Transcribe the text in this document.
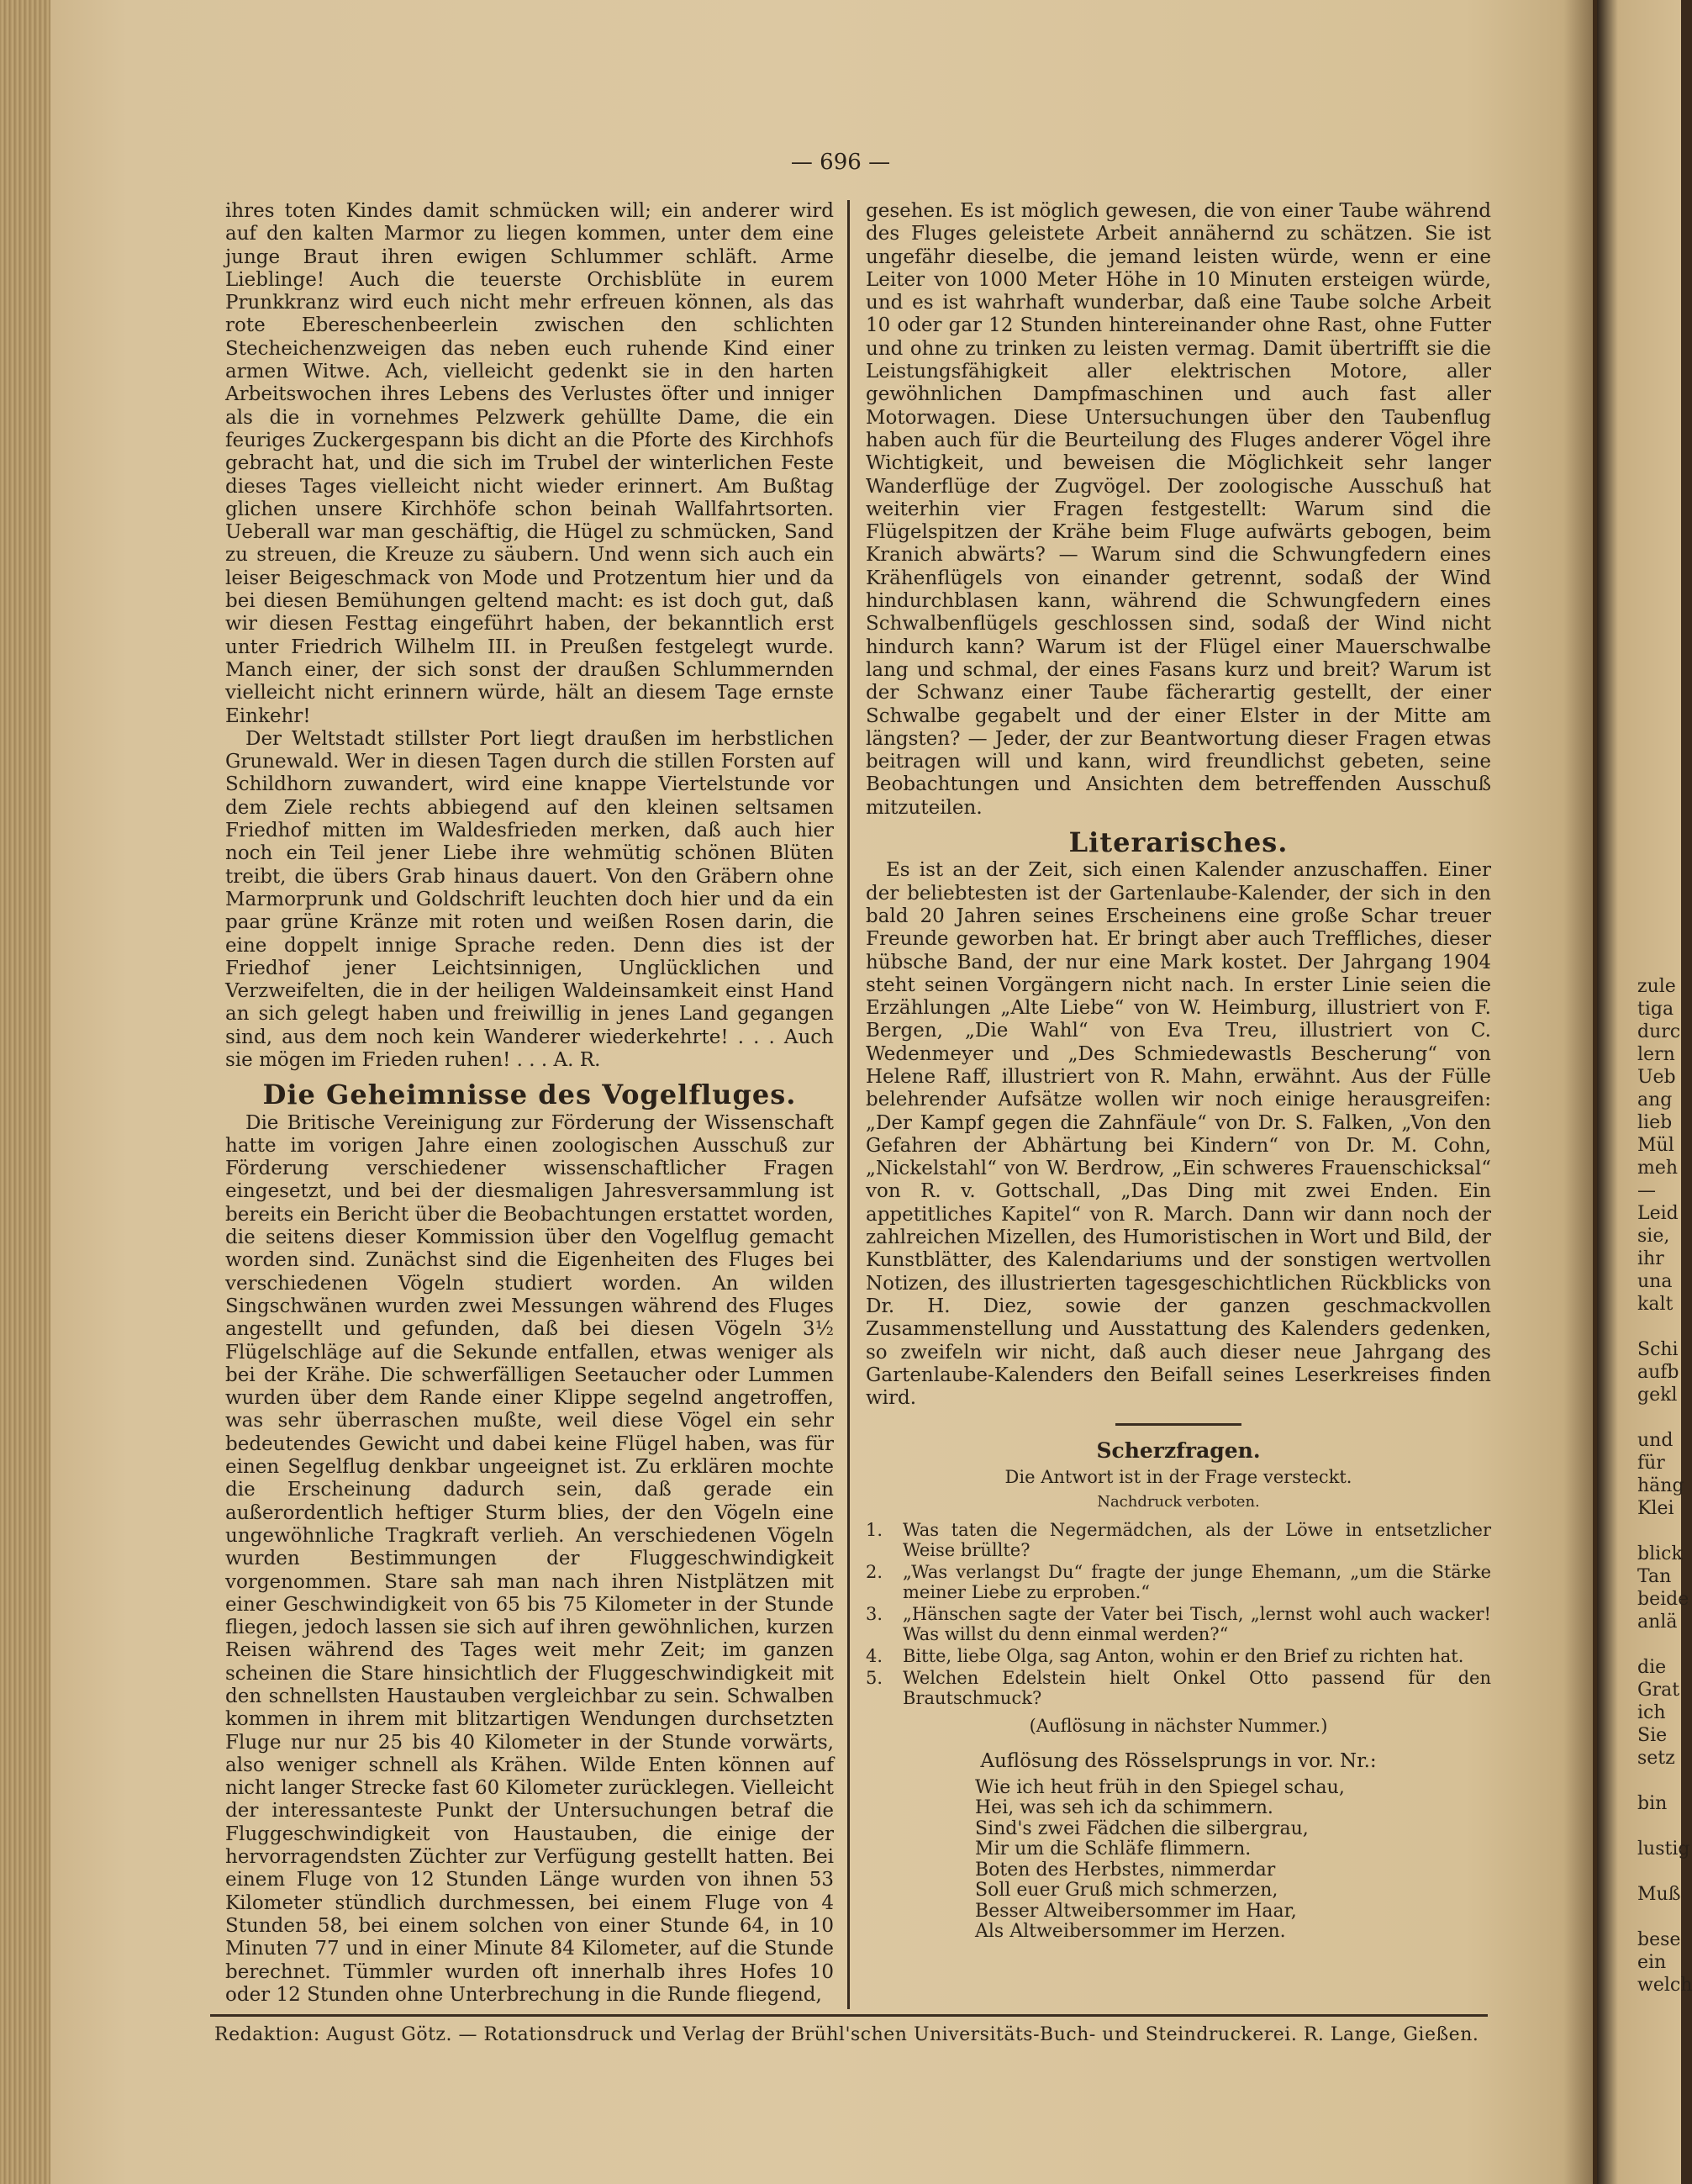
— 696 —

ihres toten Kindes damit schmücken will; ein anderer wird auf den kalten Marmor zu liegen kommen, unter dem eine junge Braut ihren ewigen Schlummer schläft. Arme Lieblinge! Auch die teuerste Orchisblüte in eurem Prunkkranz wird euch nicht mehr erfreuen können, als das rote Ebereschenbeerlein zwischen den schlichten Stecheichenzweigen das neben euch ruhende Kind einer armen Witwe. Ach, vielleicht gedenkt sie in den harten Arbeitswochen ihres Lebens des Verlustes öfter und inniger als die in vornehmes Pelzwerk gehüllte Dame, die ein feuriges Zuckergespann bis dicht an die Pforte des Kirchhofs gebracht hat, und die sich im Trubel der winterlichen Feste dieses Tages vielleicht nicht wieder erinnert. Am Bußtag glichen unsere Kirchhöfe schon beinah Wallfahrtsorten. Ueberall war man geschäftig, die Hügel zu schmücken, Sand zu streuen, die Kreuze zu säubern. Und wenn sich auch ein leiser Beigeschmack von Mode und Protzentum hier und da bei diesen Bemühungen geltend macht: es ist doch gut, daß wir diesen Festtag eingeführt haben, der bekanntlich erst unter Friedrich Wilhelm III. in Preußen festgelegt wurde. Manch einer, der sich sonst der draußen Schlummernden vielleicht nicht erinnern würde, hält an diesem Tage ernste Einkehr!

Der Weltstadt stillster Port liegt draußen im herbstlichen Grunewald. Wer in diesen Tagen durch die stillen Forsten auf Schildhorn zuwandert, wird eine knappe Viertelstunde vor dem Ziele rechts abbiegend auf den kleinen seltsamen Friedhof mitten im Waldesfrieden merken, daß auch hier noch ein Teil jener Liebe ihre wehmütig schönen Blüten treibt, die übers Grab hinaus dauert. Von den Gräbern ohne Marmorprunk und Goldschrift leuchten doch hier und da ein paar grüne Kränze mit roten und weißen Rosen darin, die eine doppelt innige Sprache reden. Denn dies ist der Friedhof jener Leichtsinnigen, Unglücklichen und Verzweifelten, die in der heiligen Waldeinsamkeit einst Hand an sich gelegt haben und freiwillig in jenes Land gegangen sind, aus dem noch kein Wanderer wiederkehrte! . . . Auch sie mögen im Frieden ruhen! . . . A. R.

Die Geheimnisse des Vogelfluges.

Die Britische Vereinigung zur Förderung der Wissenschaft hatte im vorigen Jahre einen zoologischen Ausschuß zur Förderung verschiedener wissenschaftlicher Fragen eingesetzt, und bei der diesmaligen Jahresversammlung ist bereits ein Bericht über die Beobachtungen erstattet worden, die seitens dieser Kommission über den Vogelflug gemacht worden sind. Zunächst sind die Eigenheiten des Fluges bei verschiedenen Vögeln studiert worden. An wilden Singschwänen wurden zwei Messungen während des Fluges angestellt und gefunden, daß bei diesen Vögeln 3½ Flügelschläge auf die Sekunde entfallen, etwas weniger als bei der Krähe. Die schwerfälligen Seetaucher oder Lummen wurden über dem Rande einer Klippe segelnd angetroffen, was sehr überraschen mußte, weil diese Vögel ein sehr bedeutendes Gewicht und dabei keine Flügel haben, was für einen Segelflug denkbar ungeeignet ist. Zu erklären mochte die Erscheinung dadurch sein, daß gerade ein außerordentlich heftiger Sturm blies, der den Vögeln eine ungewöhnliche Tragkraft verlieh. An verschiedenen Vögeln wurden Bestimmungen der Fluggeschwindigkeit vorgenommen. Stare sah man nach ihren Nistplätzen mit einer Geschwindigkeit von 65 bis 75 Kilometer in der Stunde fliegen, jedoch lassen sie sich auf ihren gewöhnlichen, kurzen Reisen während des Tages weit mehr Zeit; im ganzen scheinen die Stare hinsichtlich der Fluggeschwindigkeit mit den schnellsten Haustauben vergleichbar zu sein. Schwalben kommen in ihrem mit blitzartigen Wendungen durchsetzten Fluge nur nur 25 bis 40 Kilometer in der Stunde vorwärts, also weniger schnell als Krähen. Wilde Enten können auf nicht langer Strecke fast 60 Kilometer zurücklegen. Vielleicht der interessanteste Punkt der Untersuchungen betraf die Fluggeschwindigkeit von Haustauben, die einige der hervorragendsten Züchter zur Verfügung gestellt hatten. Bei einem Fluge von 12 Stunden Länge wurden von ihnen 53 Kilometer stündlich durchmessen, bei einem Fluge von 4 Stunden 58, bei einem solchen von einer Stunde 64, in 10 Minuten 77 und in einer Minute 84 Kilometer, auf die Stunde berechnet. Tümmler wurden oft innerhalb ihres Hofes 10 oder 12 Stunden ohne Unterbrechung in die Runde fliegend,

gesehen. Es ist möglich gewesen, die von einer Taube während des Fluges geleistete Arbeit annähernd zu schätzen. Sie ist ungefähr dieselbe, die jemand leisten würde, wenn er eine Leiter von 1000 Meter Höhe in 10 Minuten ersteigen würde, und es ist wahrhaft wunderbar, daß eine Taube solche Arbeit 10 oder gar 12 Stunden hintereinander ohne Rast, ohne Futter und ohne zu trinken zu leisten vermag. Damit übertrifft sie die Leistungsfähigkeit aller elektrischen Motore, aller gewöhnlichen Dampfmaschinen und auch fast aller Motorwagen. Diese Untersuchungen über den Taubenflug haben auch für die Beurteilung des Fluges anderer Vögel ihre Wichtigkeit, und beweisen die Möglichkeit sehr langer Wanderflüge der Zugvögel. Der zoologische Ausschuß hat weiterhin vier Fragen festgestellt: Warum sind die Flügelspitzen der Krähe beim Fluge aufwärts gebogen, beim Kranich abwärts? — Warum sind die Schwungfedern eines Krähenflügels von einander getrennt, sodaß der Wind hindurchblasen kann, während die Schwungfedern eines Schwalbenflügels geschlossen sind, sodaß der Wind nicht hindurch kann? Warum ist der Flügel einer Mauerschwalbe lang und schmal, der eines Fasans kurz und breit? Warum ist der Schwanz einer Taube fächerartig gestellt, der einer Schwalbe gegabelt und der einer Elster in der Mitte am längsten? — Jeder, der zur Beantwortung dieser Fragen etwas beitragen will und kann, wird freundlichst gebeten, seine Beobachtungen und Ansichten dem betreffenden Ausschuß mitzuteilen.

Literarisches.

Es ist an der Zeit, sich einen Kalender anzuschaffen. Einer der beliebtesten ist der Gartenlaube-Kalender, der sich in den bald 20 Jahren seines Erscheinens eine große Schar treuer Freunde geworben hat. Er bringt aber auch Treffliches, dieser hübsche Band, der nur eine Mark kostet. Der Jahrgang 1904 steht seinen Vorgängern nicht nach. In erster Linie seien die Erzählungen „Alte Liebe“ von W. Heimburg, illustriert von F. Bergen, „Die Wahl“ von Eva Treu, illustriert von C. Wedenmeyer und „Des Schmiedewastls Bescherung“ von Helene Raff, illustriert von R. Mahn, erwähnt. Aus der Fülle belehrender Aufsätze wollen wir noch einige herausgreifen: „Der Kampf gegen die Zahnfäule“ von Dr. S. Falken, „Von den Gefahren der Abhärtung bei Kindern“ von Dr. M. Cohn, „Nickelstahl“ von W. Berdrow, „Ein schweres Frauenschicksal“ von R. v. Gottschall, „Das Ding mit zwei Enden. Ein appetitliches Kapitel“ von R. March. Dann wir dann noch der zahlreichen Mizellen, des Humoristischen in Wort und Bild, der Kunstblätter, des Kalendariums und der sonstigen wertvollen Notizen, des illustrierten tagesgeschichtlichen Rückblicks von Dr. H. Diez, sowie der ganzen geschmackvollen Zusammenstellung und Ausstattung des Kalenders gedenken, so zweifeln wir nicht, daß auch dieser neue Jahrgang des Gartenlaube-Kalenders den Beifall seines Leserkreises finden wird.

Scherzfragen.
Die Antwort ist in der Frage versteckt.
Nachdruck verboten.
1. Was taten die Negermädchen, als der Löwe in entsetzlicher Weise brüllte?
2. „Was verlangst Du“ fragte der junge Ehemann, „um die Stärke meiner Liebe zu erproben.“
3. „Hänschen sagte der Vater bei Tisch, „lernst wohl auch wacker! Was willst du denn einmal werden?“
4. Bitte, liebe Olga, sag Anton, wohin er den Brief zu richten hat.
5. Welchen Edelstein hielt Onkel Otto passend für den Brautschmuck?
(Auflösung in nächster Nummer.)
Auflösung des Rösselsprungs in vor. Nr.:
Wie ich heut früh in den Spiegel schau,
Hei, was seh ich da schimmern.
Sind's zwei Fädchen die silbergrau,
Mir um die Schläfe flimmern.
Boten des Herbstes, nimmerdar
Soll euer Gruß mich schmerzen,
Besser Altweibersommer im Haar,
Als Altweibersommer im Herzen.
Redaktion: August Götz. — Rotationsdruck und Verlag der Brühl'schen Universitäts-Buch- und Steindruckerei. R. Lange, Gießen.
zule
tiga
durc
lern
Ueb
ang
lieb
Mül
meh
—
Leid
sie,
ihr
una
kalt
Schi
aufb
gekl
und
für
häng
Klei
blick
Tan
beide
anlä
die
Grat
ich
Sie
setz
bin
lustig
Muß
bese
ein
welch
